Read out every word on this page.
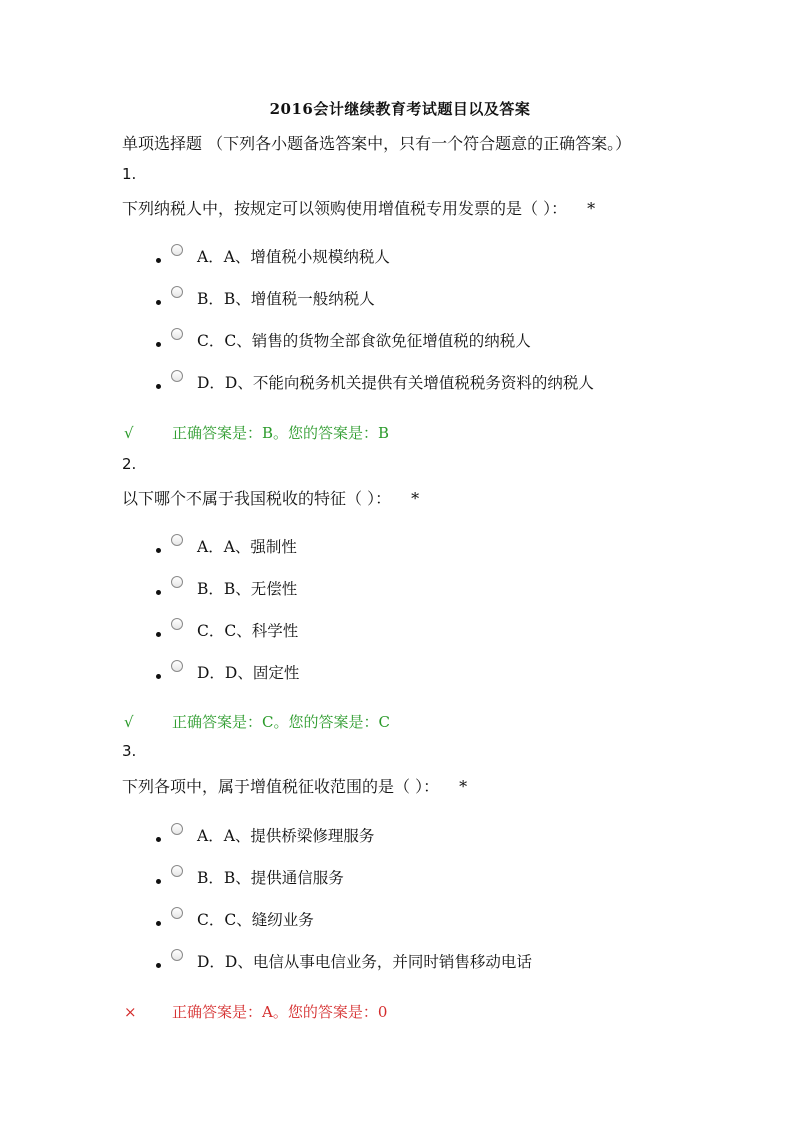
2016会计继续教育考试题目以及答案
单项选择题 （下列各小题备选答案中，只有一个符合题意的正确答案。）
1.
下列纳税人中，按规定可以领购使用增值税专用发票的是（ ）： *
A．A、增值税小规模纳税人
B．B、增值税一般纳税人
C．C、销售的货物全部食欲免征增值税的纳税人
D．D、不能向税务机关提供有关增值税税务资料的纳税人
√	正确答案是：B。您的答案是：B
2.
以下哪个不属于我国税收的特征（ ）： *
A．A、强制性
B．B、无偿性
C．C、科学性
D．D、固定性
√	正确答案是：C。您的答案是：C
3.
下列各项中，属于增值税征收范围的是（ ）： *
A．A、提供桥梁修理服务
B．B、提供通信服务
C．C、缝纫业务
D．D、电信从事电信业务，并同时销售移动电话
× 正确答案是：A。您的答案是：0
